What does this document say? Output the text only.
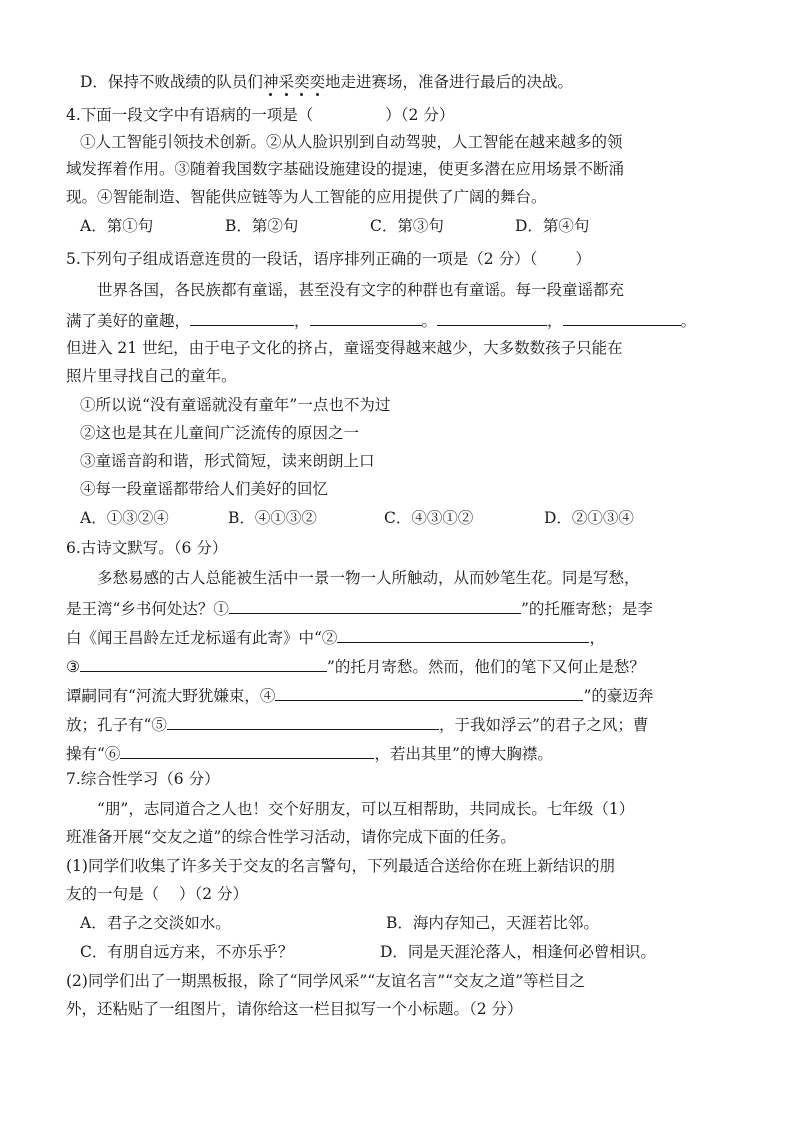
D．保持不败战绩的队员们神采奕奕地走进赛场，准备进行最后的决战。
4.下面一段文字中有语病的一项是（	）（2 分）
①人工智能引领技术创新。②从人脸识别到自动驾驶，人工智能在越来越多的领
域发挥着作用。③随着我国数字基础设施建设的提速，使更多潜在应用场景不断涌
现。④智能制造、智能供应链等为人工智能的应用提供了广阔的舞台。
A．第①句	B．第②句	C．第③句	D．第④句
5.下列句子组成语意连贯的一段话，语序排列正确的一项是（2 分）（ ）
世界各国，各民族都有童谣，甚至没有文字的种群也有童谣。每一段童谣都充
满了美好的童趣，	，	。	，	。
但进入 21 世纪，由于电子文化的挤占，童谣变得越来越少，大多数数孩子只能在
照片里寻找自己的童年。
①所以说“没有童谣就没有童年”一点也不为过
②这也是其在儿童间广泛流传的原因之一
③童谣音韵和谐，形式简短，读来朗朗上口
④每一段童谣都带给人们美好的回忆
A．①③②④	B．④①③②	C．④③①②	D．②①③④
6.古诗文默写。（6 分）
多愁易感的古人总能被生活中一景一物一人所触动，从而妙笔生花。同是写愁，
是王湾“乡书何处达？①	”的托雁寄愁；是李
白《闻王昌龄左迁龙标遥有此寄》中“②	，
③	”的托月寄愁。然而，他们的笔下又何止是愁？
谭嗣同有“河流大野犹嫌束，④	”的豪迈奔
放；孔子有“⑤	，于我如浮云”的君子之风；曹
操有“⑥	，若出其里”的博大胸襟。
7.综合性学习（6 分）
“朋”，志同道合之人也！交个好朋友，可以互相帮助，共同成长。七年级（1）
班准备开展“交友之道”的综合性学习活动，请你完成下面的任务。
(1)同学们收集了许多关于交友的名言警句，下列最适合送给你在班上新结识的朋
友的一句是（ ）（2 分）
A．君子之交淡如水。	B．海内存知己，天涯若比邻。
C．有朋自远方来，不亦乐乎？	D．同是天涯沦落人，相逢何必曾相识。
(2)同学们出了一期黑板报，除了“同学风采”“友谊名言”“交友之道”等栏目之
外，还粘贴了一组图片，请你给这一栏目拟写一个小标题。（2 分）
